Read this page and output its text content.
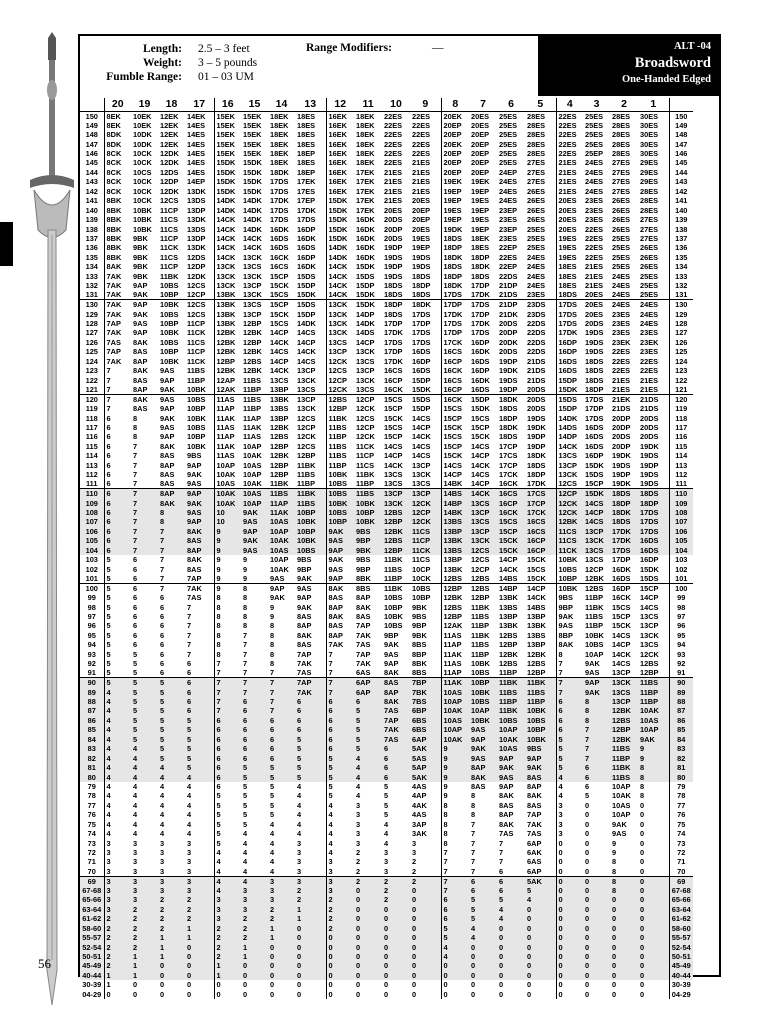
56
Length:
Weight:
Fumble Range:
2.5 – 3 feet
3 – 5 pounds
01 – 03 UM
Range Modifiers:	—	ALT -04
Broadsword
One-Handed Edged
	20	19	18	17	16	15	14	13	12	11	10	9	8	7	6	5	4	3	2	1	
150	8EK	10EK	12EK	14EK	15EK	15EK	18EK	18ES	16EK	18EK	22ES	22ES	20EK	20ES	25ES	28ES	22ES	25ES	28ES	30ES	150
149	8EK	10EK	12EK	14ES	15EK	15EK	18EK	18ES	16EK	18EK	22ES	22ES	20EP	20ES	25ES	28ES	22ES	25ES	28ES	30ES	149
148	8DK	10DK	12EK	14ES	15EK	15EK	18EK	18ES	16EK	18EK	22ES	22ES	20EP	20EP	25ES	28ES	22ES	25ES	28ES	30ES	148
147	8DK	10DK	12EK	14ES	15EK	15EK	18EK	18ES	16EK	18EK	22ES	22ES	20EK	20EP	25ES	28ES	22ES	25ES	28ES	30ES	147
146	8CK	10CK	12DK	14ES	15EK	15EK	18EK	18EP	16EK	18EK	22ES	22ES	20EP	20EP	25ES	28ES	22ES	25EP	28ES	30ES	146
145	8CK	10CK	12DK	14ES	15DK	15DK	18EK	18ES	16EK	18EK	22ES	21ES	20EP	20EP	25ES	27ES	21ES	24ES	27ES	29ES	145
144	8CK	10CS	12DS	14ES	15DK	15DK	18DK	18EP	16EK	17EK	21ES	21ES	20EP	20EP	24EP	27ES	21ES	24ES	27ES	29ES	144
143	8CK	10CK	12DP	14EP	15DK	15DK	17DS	17EK	16EK	17EK	21ES	21ES	19EK	19EK	24ES	27ES	21ES	24ES	27ES	29ES	143
142	8CK	10CK	12DK	13DK	15DK	15DK	17DS	17ES	16EK	17EK	21ES	21ES	19EP	19EP	24ES	26ES	21ES	24ES	27ES	28ES	142
141	8BK	10CK	12CS	13DS	14DK	14DK	17DK	17EP	15DK	17EK	21ES	20ES	19EP	19ES	24ES	26ES	20ES	23ES	26ES	28ES	141
140	8BK	10BK	11CP	13DP	14DK	14DK	17DS	17DK	15DK	17EK	20ES	20EP	19ES	19EP	23EP	26ES	20ES	23ES	26ES	28ES	140
139	8BK	10BK	11CS	13DK	14CK	14DK	17DS	17DS	15DK	16DK	20DS	20EP	19EP	19ES	23ES	26ES	20ES	23ES	26ES	27ES	139
138	8BK	10BK	11CS	13DS	14CK	14DK	16DK	16DP	15DK	16DK	20DP	20ES	19DK	19EP	23EP	25ES	20ES	22ES	26ES	27ES	138
137	8BK	9BK	11CP	13DP	14CK	14CK	16DS	16DK	15DK	16DK	20DS	19ES	18DS	18EK	23ES	25ES	19ES	22ES	25ES	27ES	137
136	8BK	9BK	11CK	13DK	14CK	14CK	16DS	16DS	14DK	16DK	19DP	19EP	18DP	18ES	22EP	25ES	19ES	22ES	25ES	26ES	136
135	8BK	9BK	11CS	12DS	14CK	13CK	16CK	16DP	14DK	16DK	19DS	19DS	18DK	18DP	22ES	24ES	19ES	22ES	25ES	26ES	135
134	8AK	9BK	11CP	12DP	13CK	13CS	16CS	16DK	14CK	15DK	19DP	19DS	18DS	18DK	22EP	24ES	18ES	21ES	25ES	26ES	134
133	7AK	9BK	11BK	12DK	13CK	13CK	15CP	15DS	14CK	15DS	19DS	18DS	18DP	18DS	22DS	24ES	18ES	21ES	24ES	25ES	133
132	7AK	9AP	10BS	12CS	13CK	13CP	15CK	15DP	14CK	15DP	18DS	18DP	18DK	17DP	21DP	24ES	18ES	21ES	24ES	25ES	132
131	7AK	9AK	10BP	12CP	13BK	13CK	15CS	15DK	14CK	15DK	18DS	18DS	17DS	17DK	21DS	23ES	18DS	20ES	24ES	25ES	131
130	7AK	9AP	10BK	12CS	13BK	13CS	15CP	15DS	13CK	15DK	18DP	18DK	17DP	17DS	21DP	23DS	17DS	20ES	24ES	24ES	130
129	7AK	9AK	10BS	12CS	13BK	13CP	15CK	15DP	13CK	14DP	18DS	17DS	17DK	17DP	21DK	23DS	17DS	20ES	23ES	24ES	129
128	7AP	9AS	10BP	11CP	13BK	12BP	15CS	14DK	13CK	14DK	17DP	17DP	17DS	17DK	20DS	22DS	17DS	20DS	23ES	24ES	128
127	7AK	9AP	10BK	11CK	12BK	12BK	14CP	14CS	13CK	14DS	17DK	17DS	17DP	17DS	20DP	22DS	17DK	19DS	23ES	23ES	127
126	7AS	8AK	10BS	11CS	12BK	12BP	14CK	14CP	13CS	14CP	17DS	17DS	17CK	16DP	20DK	22DS	16DP	19DS	23EK	23EK	126
125	7AP	8AS	10BP	11CP	12BK	12BK	14CS	14CK	13CP	13CK	17DP	16DS	16CS	16DK	20DS	22DS	16DP	19DS	22ES	23ES	125
124	7AK	8AP	10BK	11CK	12BP	12BS	14CP	14CS	12CK	13CS	17DK	16DP	16CP	16DS	19DP	21DS	16DS	18DS	22ES	22ES	124
123	7	8AK	9AS	11BS	12BK	12BK	14CK	13CP	12CS	13CP	16CS	16DS	16CK	16DP	19DK	21DS	16DS	18DS	22ES	22ES	123
122	7	8AS	9AP	11BP	12AP	11BS	13CS	13CK	12CP	13CK	16CP	15DP	16CS	16DK	19DS	21DS	15DP	18DS	21ES	21ES	122
121	7	8AP	9AK	10BK	12AK	11BP	13BP	13CS	12CK	13CS	16CK	15DK	16CP	16DS	19DP	20DS	15DK	18DP	21ES	21ES	121
120	7	8AK	9AS	10BS	11AS	11BS	13BK	13CP	12BS	12CP	15CS	15DS	16CK	15DP	18DK	20DS	15DS	17DS	21EK	21DS	120
119	7	8AS	9AP	10BP	11AP	11BP	13BS	13CK	12BP	12CK	15CP	15DP	15CS	15DK	18DS	20DS	15DP	17DP	21DS	21DS	119
118	6	8	9AK	10BK	11AK	11AP	13BP	12CS	11BK	12CS	15CK	14CS	15CP	15CS	18DP	19DS	14DK	17DS	20DP	20DS	118
117	6	8	9AS	10BS	11AS	11AK	12BK	12CP	11BS	12CP	15CS	14CP	15CK	15CP	18DK	19DK	14DS	16DS	20DP	20DS	117
116	6	8	9AP	10BP	11AP	11AS	12BS	12CK	11BP	12CK	15CP	14CK	15CS	15CK	18DS	19DP	14DP	16DS	20DS	20DS	116
115	6	7	8AK	10BK	11AK	10AP	12BP	12CS	11BS	11CK	14CS	14CS	15CP	14CS	17CP	19DP	14CK	16DS	20DP	19DK	115
114	6	7	8AS	9BS	11AS	10AK	12BK	12BP	11BS	11CP	14CP	14CS	15CK	14CP	17CS	18DK	13CS	16DP	19DK	19DS	114
113	6	7	8AP	9AP	10AP	10AS	12BP	11BK	11BP	11CS	14CK	13CP	14CS	14CK	17CP	18DS	13CP	15DK	19DS	19DP	113
112	6	7	8AS	9AK	10AK	10AP	12BP	11BS	10BK	11BK	13CS	13CK	14CP	14CS	17CK	18DP	13CK	15DS	19DP	19DS	112
111	6	7	8AS	9AS	10AS	10AK	11BK	11BP	10BS	11BP	13CS	13CS	14BK	14CP	16CK	17DK	12CS	15CP	19DK	19DS	111
110	6	7	8AP	9AP	10AK	10AS	11BS	11BK	10BS	11BS	13CP	13CP	14BS	14CK	16CS	17CS	12CP	15DK	18DS	18DS	110
109	6	7	8AK	9AK	10AK	10AP	11AP	11BS	10BK	10BK	13CK	12CK	14BP	13CS	16CP	17CP	12CK	14CS	18DP	18DP	109
108	6	7	8	9AS	10	9AK	11AK	10BP	10BS	10BP	12BS	12CP	14BK	13CP	16CK	17CK	12CK	14CP	18DK	17DS	108
107	6	7	8	9AP	10	9AS	10AS	10BK	10BP	10BK	12BP	12CK	13BS	13CS	15CS	16CS	12BK	14CS	18DS	17DS	107
106	6	7	7	8AK	9	9AP	10AP	10BP	9AK	9BS	12BK	11CS	13BP	13CP	15CP	16CS	11CS	13CP	17DK	17DS	106
105	6	7	7	8AS	9	9AK	10AK	10BK	9AS	9BP	12BS	11CP	13BK	13CK	15CK	16CP	11CS	13CK	17DK	16DS	105
104	6	7	7	8AP	9	9AS	10AS	10BS	9AP	9BK	12BP	11CK	13BS	12CS	15CK	16CP	11CK	13CS	17DS	16DS	104
103	5	6	7	8AK	9	9	10AP	9BS	9AK	9BS	11BK	11CS	13BP	12CS	14CP	15CK	10BK	13CS	17DP	16DP	103
102	5	6	7	8AS	9	9	10AK	9BP	9AS	9BP	11BS	10CP	13BK	12CP	14CK	15CS	10BS	12CP	16DK	15DK	102
101	5	6	7	7AP	9	9	9AS	9AK	9AP	8BK	11BP	10CK	12BS	12BS	14BS	15CK	10BP	12BK	16DS	15DS	101
100	5	6	7	7AK	9	8	9AP	9AS	8AK	8BS	11BK	10BS	12BP	12BS	14BP	14CP	10BK	12BS	16DP	15CP	100
99	5	6	6	7AS	8	8	9AK	9AP	8AS	8AP	10BS	10BP	12BK	12BP	13BK	14CK	9BS	11BP	16CK	14CP	99
98	5	6	6	7	8	8	9	9AK	8AP	8AK	10BP	9BK	12BS	11BK	13BS	14BS	9BP	11BK	15CS	14CS	98
97	5	6	6	7	8	8	9	8AS	8AK	8AS	10BK	9BS	12BP	11BS	13BP	13BP	9AK	11BS	15CP	13CS	97
96	5	6	6	7	8	8	8	8AP	8AS	7AP	10BS	9BP	12AK	11BP	13BK	13BK	9AS	11BP	15CK	13CP	96
95	5	6	6	7	8	7	8	8AK	8AP	7AK	9BP	9BK	11AS	11BK	12BS	13BS	8BP	10BK	14CS	13CK	95
94	5	6	6	7	8	7	8	8AS	7AK	7AS	9AK	8BS	11AP	11BS	12BP	13BP	8AK	10BS	14CP	13CS	94
93	5	5	6	7	8	7	8	7AP	7	7AP	9AS	8BP	11AK	11BP	12BK	12BK	8	10AP	14CK	12CK	93
92	5	5	6	6	7	7	8	7AK	7	7AK	9AP	8BK	11AS	10BK	12BS	12BS	7	9AK	14CS	12BS	92
91	5	5	6	6	7	7	7	7AS	7	6AS	8AK	8BS	11AP	10BS	11BP	12BP	7	9AS	13CP	12BP	91
90	5	5	5	6	7	7	7	7AP	7	6AP	8AS	7BP	11AK	10BP	11BK	11BK	7	9AP	13CK	11BS	90
89	4	5	5	6	7	7	7	7AK	7	6AP	8AP	7BK	10AS	10BK	11BS	11BS	7	9AK	13CS	11BP	89
88	4	5	5	6	7	6	7	6	6	6	8AK	7BS	10AP	10BS	11BP	11BP	6	8	13CP	11BP	88
87	4	5	5	6	7	6	7	6	6	5	7AS	6BP	10AK	10AP	11BK	10BK	6	8	12BK	10AK	87
86	4	5	5	5	6	6	6	6	6	5	7AP	6BS	10AS	10BK	10BS	10BS	6	8	12BS	10AS	86
85	4	5	5	5	6	6	6	6	6	5	7AK	6BS	10AP	9AS	10AP	10BP	6	7	12BP	10AP	85
84	4	5	5	5	6	6	6	5	6	5	7AS	6AP	10AK	9AP	10AK	10BK	5	7	12BK	9AK	84
83	4	4	5	5	6	6	6	5	6	5	6	5AK	9	9AK	10AS	9BS	5	7	11BS	9	83
82	4	4	5	5	6	6	6	5	5	4	6	5AS	9	9AS	9AP	9AP	5	7	11BP	9	82
81	4	4	4	5	6	5	5	5	5	4	6	5AP	9	8AP	9AK	9AK	5	6	11BK	8	81
80	4	4	4	4	6	5	5	5	5	4	6	5AK	9	8AK	9AS	8AS	4	6	11BS	8	80
79	4	4	4	4	6	5	5	4	5	4	5	4AS	9	8AS	9AP	8AP	4	6	10AP	8	79
78	4	4	4	4	5	5	5	4	5	4	5	4AP	9	8	8AK	8AK	4	5	10AK	8	78
77	4	4	4	4	5	5	5	4	4	3	5	4AK	8	8	8AS	8AS	3	0	10AS	0	77
76	4	4	4	4	5	5	5	4	4	3	5	4AS	8	8	8AP	7AP	3	0	10AP	0	76
75	4	4	4	4	5	5	4	4	4	3	4	3AP	8	7	8AK	7AK	3	0	9AK	0	75
74	4	4	4	4	5	4	4	4	4	3	4	3AK	8	7	7AS	7AS	3	0	9AS	0	74
73	3	3	3	3	5	4	4	3	4	3	4	3	8	7	7	6AP	0	0	9	0	73
72	3	3	3	3	4	4	4	3	4	2	3	3	7	7	7	6AK	0	0	9	0	72
71	3	3	3	3	4	4	4	3	3	2	3	2	7	7	7	6AS	0	0	8	0	71
70	3	3	3	3	4	4	4	3	3	2	3	2	7	7	6	6AP	0	0	8	0	70
69	3	3	3	3	4	4	3	3	3	2	2	2	7	6	6	5AK	0	0	8	0	69
67-68	3	3	3	3	4	3	3	2	3	0	2	0	7	6	6	5	0	0	8	0	67-68
65-66	3	3	2	2	3	3	3	2	2	0	2	0	6	5	5	4	0	0	0	0	65-66
63-64	3	2	2	2	3	3	2	1	2	0	0	0	6	5	4	0	0	0	0	0	63-64
61-62	2	2	2	2	3	2	2	1	2	0	0	0	6	5	4	0	0	0	0	0	61-62
58-60	2	2	2	1	2	2	1	0	2	0	0	0	5	4	0	0	0	0	0	0	58-60
55-57	2	2	1	1	2	2	1	0	0	0	0	0	5	4	0	0	0	0	0	0	55-57
52-54	2	2	1	0	2	1	0	0	0	0	0	0	4	0	0	0	0	0	0	0	52-54
50-51	2	1	1	0	2	1	0	0	0	0	0	0	4	0	0	0	0	0	0	0	50-51
45-49	2	1	0	0	1	0	0	0	0	0	0	0	0	0	0	0	0	0	0	0	45-49
40-44	1	1	0	0	1	0	0	0	0	0	0	0	0	0	0	0	0	0	0	0	40-44
30-39	1	0	0	0	0	0	0	0	0	0	0	0	0	0	0	0	0	0	0	0	30-39
04-29	0	0	0	0	0	0	0	0	0	0	0	0	0	0	0	0	0	0	0	0	04-29
